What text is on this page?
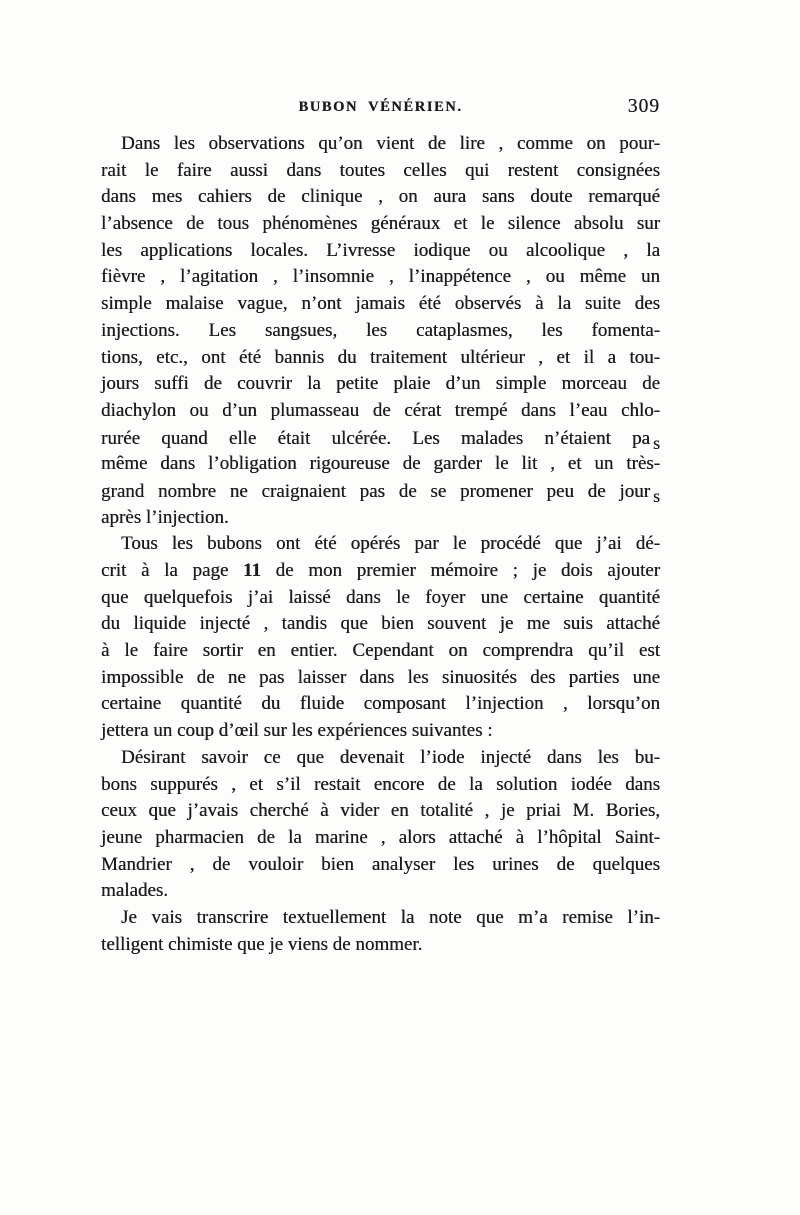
BUBON VÉNÉRIEN.	309
Dans les observations qu’on vient de lire , comme on pour-
rait le faire aussi dans toutes celles qui restent consignées
dans mes cahiers de clinique , on aura sans doute remarqué
l’absence de tous phénomènes généraux et le silence absolu sur
les applications locales. L’ivresse iodique ou alcoolique , la
fièvre , l’agitation , l’insomnie , l’inappétence , ou même un
simple malaise vague, n’ont jamais été observés à la suite des
injections. Les sangsues, les cataplasmes, les fomenta-
tions, etc., ont été bannis du traitement ultérieur , et il a tou-
jours suffi de couvrir la petite plaie d’un simple morceau de
diachylon ou d’un plumasseau de cérat trempé dans l’eau chlo-
rurée quand elle était ulcérée. Les malades n’étaient pa s
même dans l’obligation rigoureuse de garder le lit , et un très-
grand nombre ne craignaient pas de se promener peu de jour s
après l’injection.
Tous les bubons ont été opérés par le procédé que j’ai dé-
crit à la page 11 de mon premier mémoire ; je dois ajouter
que quelquefois j’ai laissé dans le foyer une certaine quantité
du liquide injecté , tandis que bien souvent je me suis attaché
à le faire sortir en entier. Cependant on comprendra qu’il est
impossible de ne pas laisser dans les sinuosités des parties une
certaine quantité du fluide composant l’injection , lorsqu’on
jettera un coup d’œil sur les expériences suivantes :
Désirant savoir ce que devenait l’iode injecté dans les bu-
bons suppurés , et s’il restait encore de la solution iodée dans
ceux que j’avais cherché à vider en totalité , je priai M. Bories,
jeune pharmacien de la marine , alors attaché à l’hôpital Saint-
Mandrier , de vouloir bien analyser les urines de quelques
malades.
Je vais transcrire textuellement la note que m’a remise l’in-
telligent chimiste que je viens de nommer.
